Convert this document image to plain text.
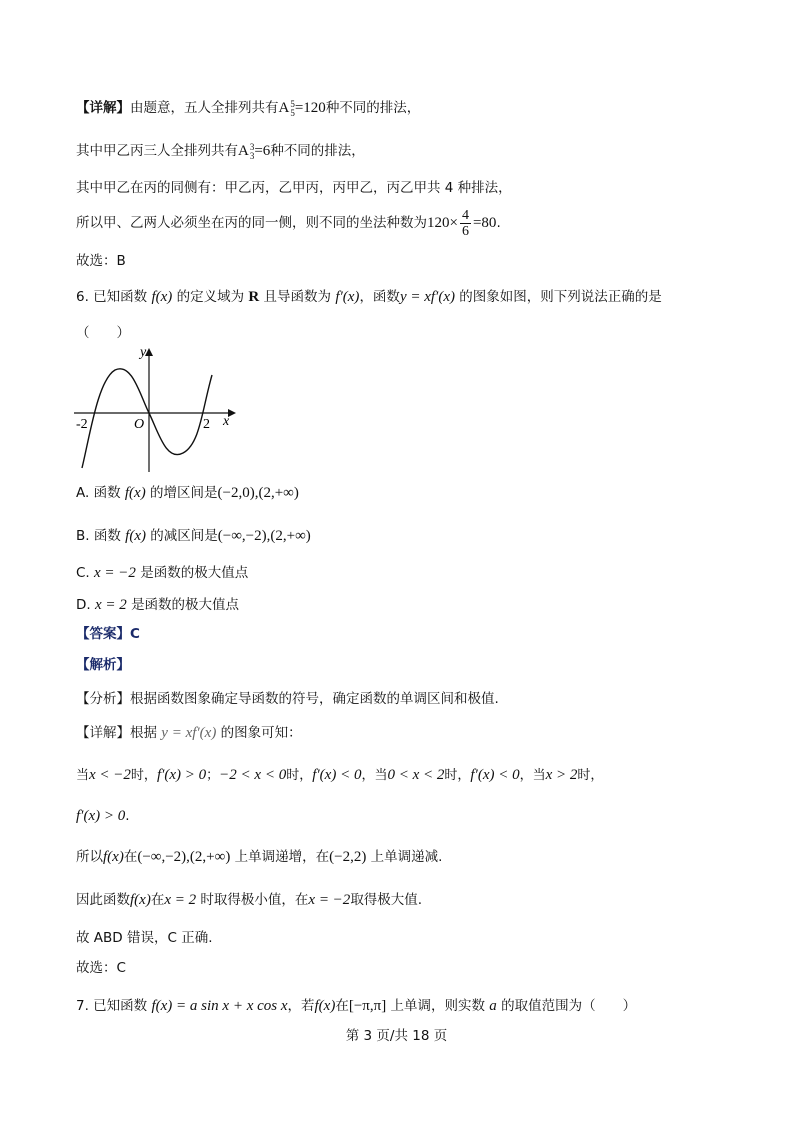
【详解】由题意，五人全排列共有A 5
5 =120种不同的排法，
其中甲乙丙三人全排列共有A 3
3 =6种不同的排法，
其中甲乙在丙的同侧有：甲乙丙，乙甲丙，丙甲乙，丙乙甲共 4 种排法，
所以甲、乙两人必须坐在丙的同一侧，则不同的坐法种数为$120\times \frac{4}{6} =80$.
故选：B
6. 已知函数 f(x) 的定义域为 R 且导函数为 f′(x)，函数y = xf′(x) 的图象如图，则下列说法正确的是
（　　）
y
x
O
-2	2
A. 函数 f(x) 的增区间是(−2,0),(2,+∞)
B. 函数 f(x) 的减区间是(−∞,−2),(2,+∞)
C. x = −2 是函数的极大值点
D. x = 2 是函数的极大值点
【答案】C
【解析】
【分析】根据函数图象确定导函数的符号，确定函数的单调区间和极值.
【详解】根据 y = xf′(x) 的图象可知：
当x < −2时，f′(x) > 0；−2 < x < 0时，f′(x) < 0，当0 < x < 2时，f′(x) < 0，当x > 2时，
f′(x) > 0.
所以f(x)在(−∞,−2),(2,+∞) 上单调递增，在(−2,2) 上单调递减.
因此函数f(x)在x = 2 时取得极小值，在x = −2取得极大值.
故 ABD 错误，C 正确.
故选：C
7. 已知函数 f(x) = a sin x + x cos x，若f(x)在[−π,π] 上单调，则实数 a 的取值范围为（　　）
第 3 页/共 18 页
